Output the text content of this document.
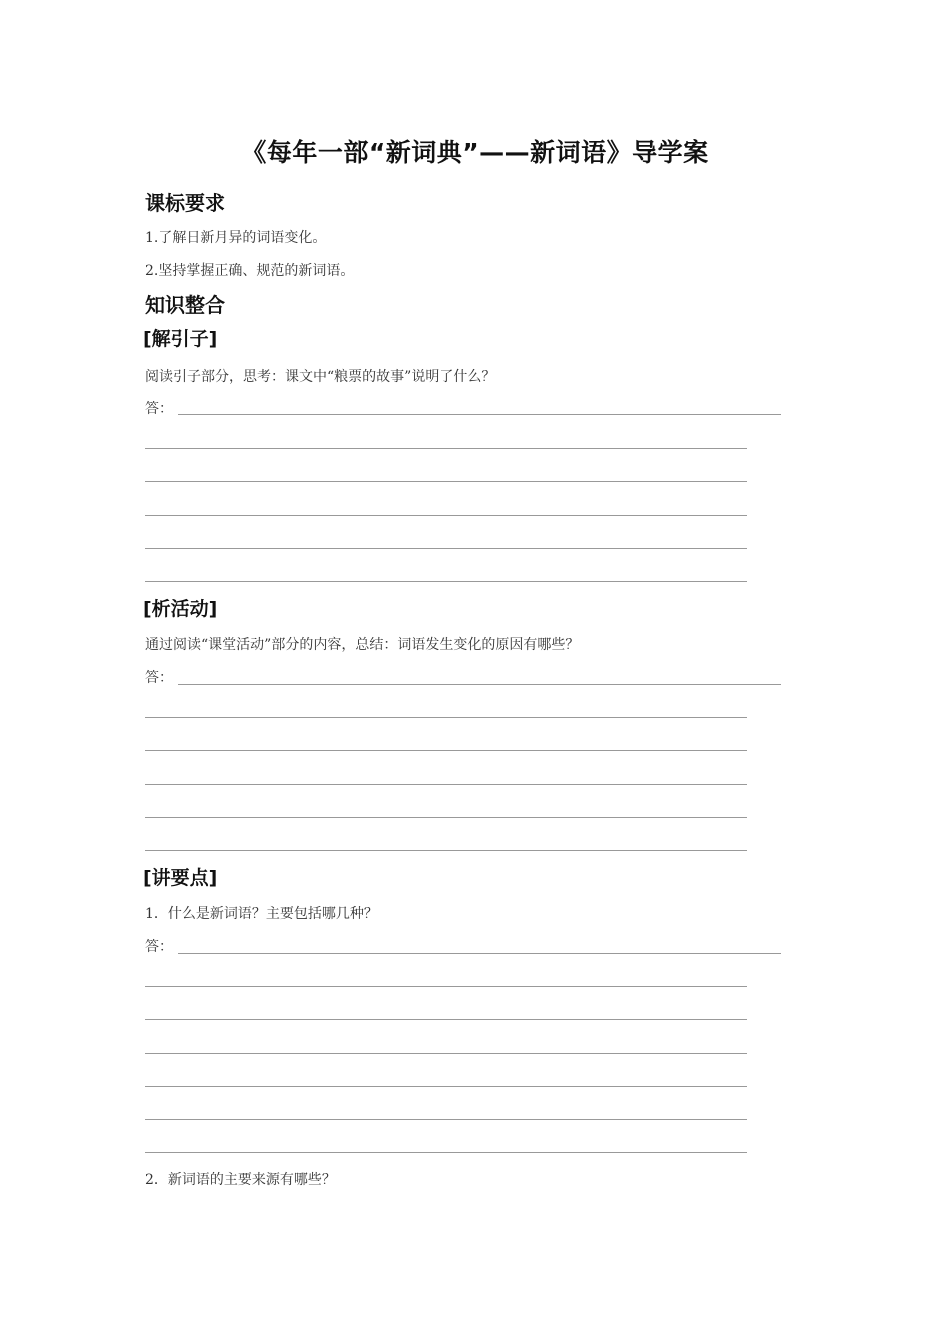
《每年一部“新词典”——新词语》导学案
课标要求
1.了解日新月异的词语变化。
2.坚持掌握正确、规范的新词语。
知识整合
[解引子]
阅读引子部分，思考：课文中“粮票的故事”说明了什么？
答：
[析活动]
通过阅读“课堂活动”部分的内容，总结：词语发生变化的原因有哪些？
答：
[讲要点]
1．什么是新词语？主要包括哪几种？
答：
2．新词语的主要来源有哪些？
